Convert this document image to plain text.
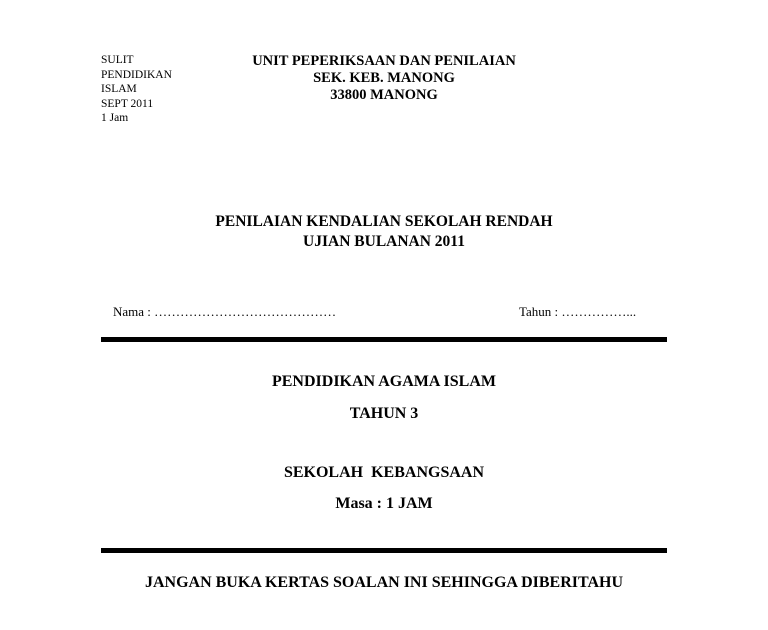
SULIT
PENDIDIKAN
ISLAM
SEPT 2011
1 Jam
UNIT PEPERIKSAAN DAN PENILAIAN
SEK. KEB. MANONG
33800 MANONG
PENILAIAN KENDALIAN SEKOLAH RENDAH
UJIAN BULANAN 2011
Nama : ……………………………………	Tahun : ……………...
PENDIDIKAN AGAMA ISLAM
TAHUN 3
SEKOLAH  KEBANGSAAN
Masa : 1 JAM
JANGAN BUKA KERTAS SOALAN INI SEHINGGA DIBERITAHU
